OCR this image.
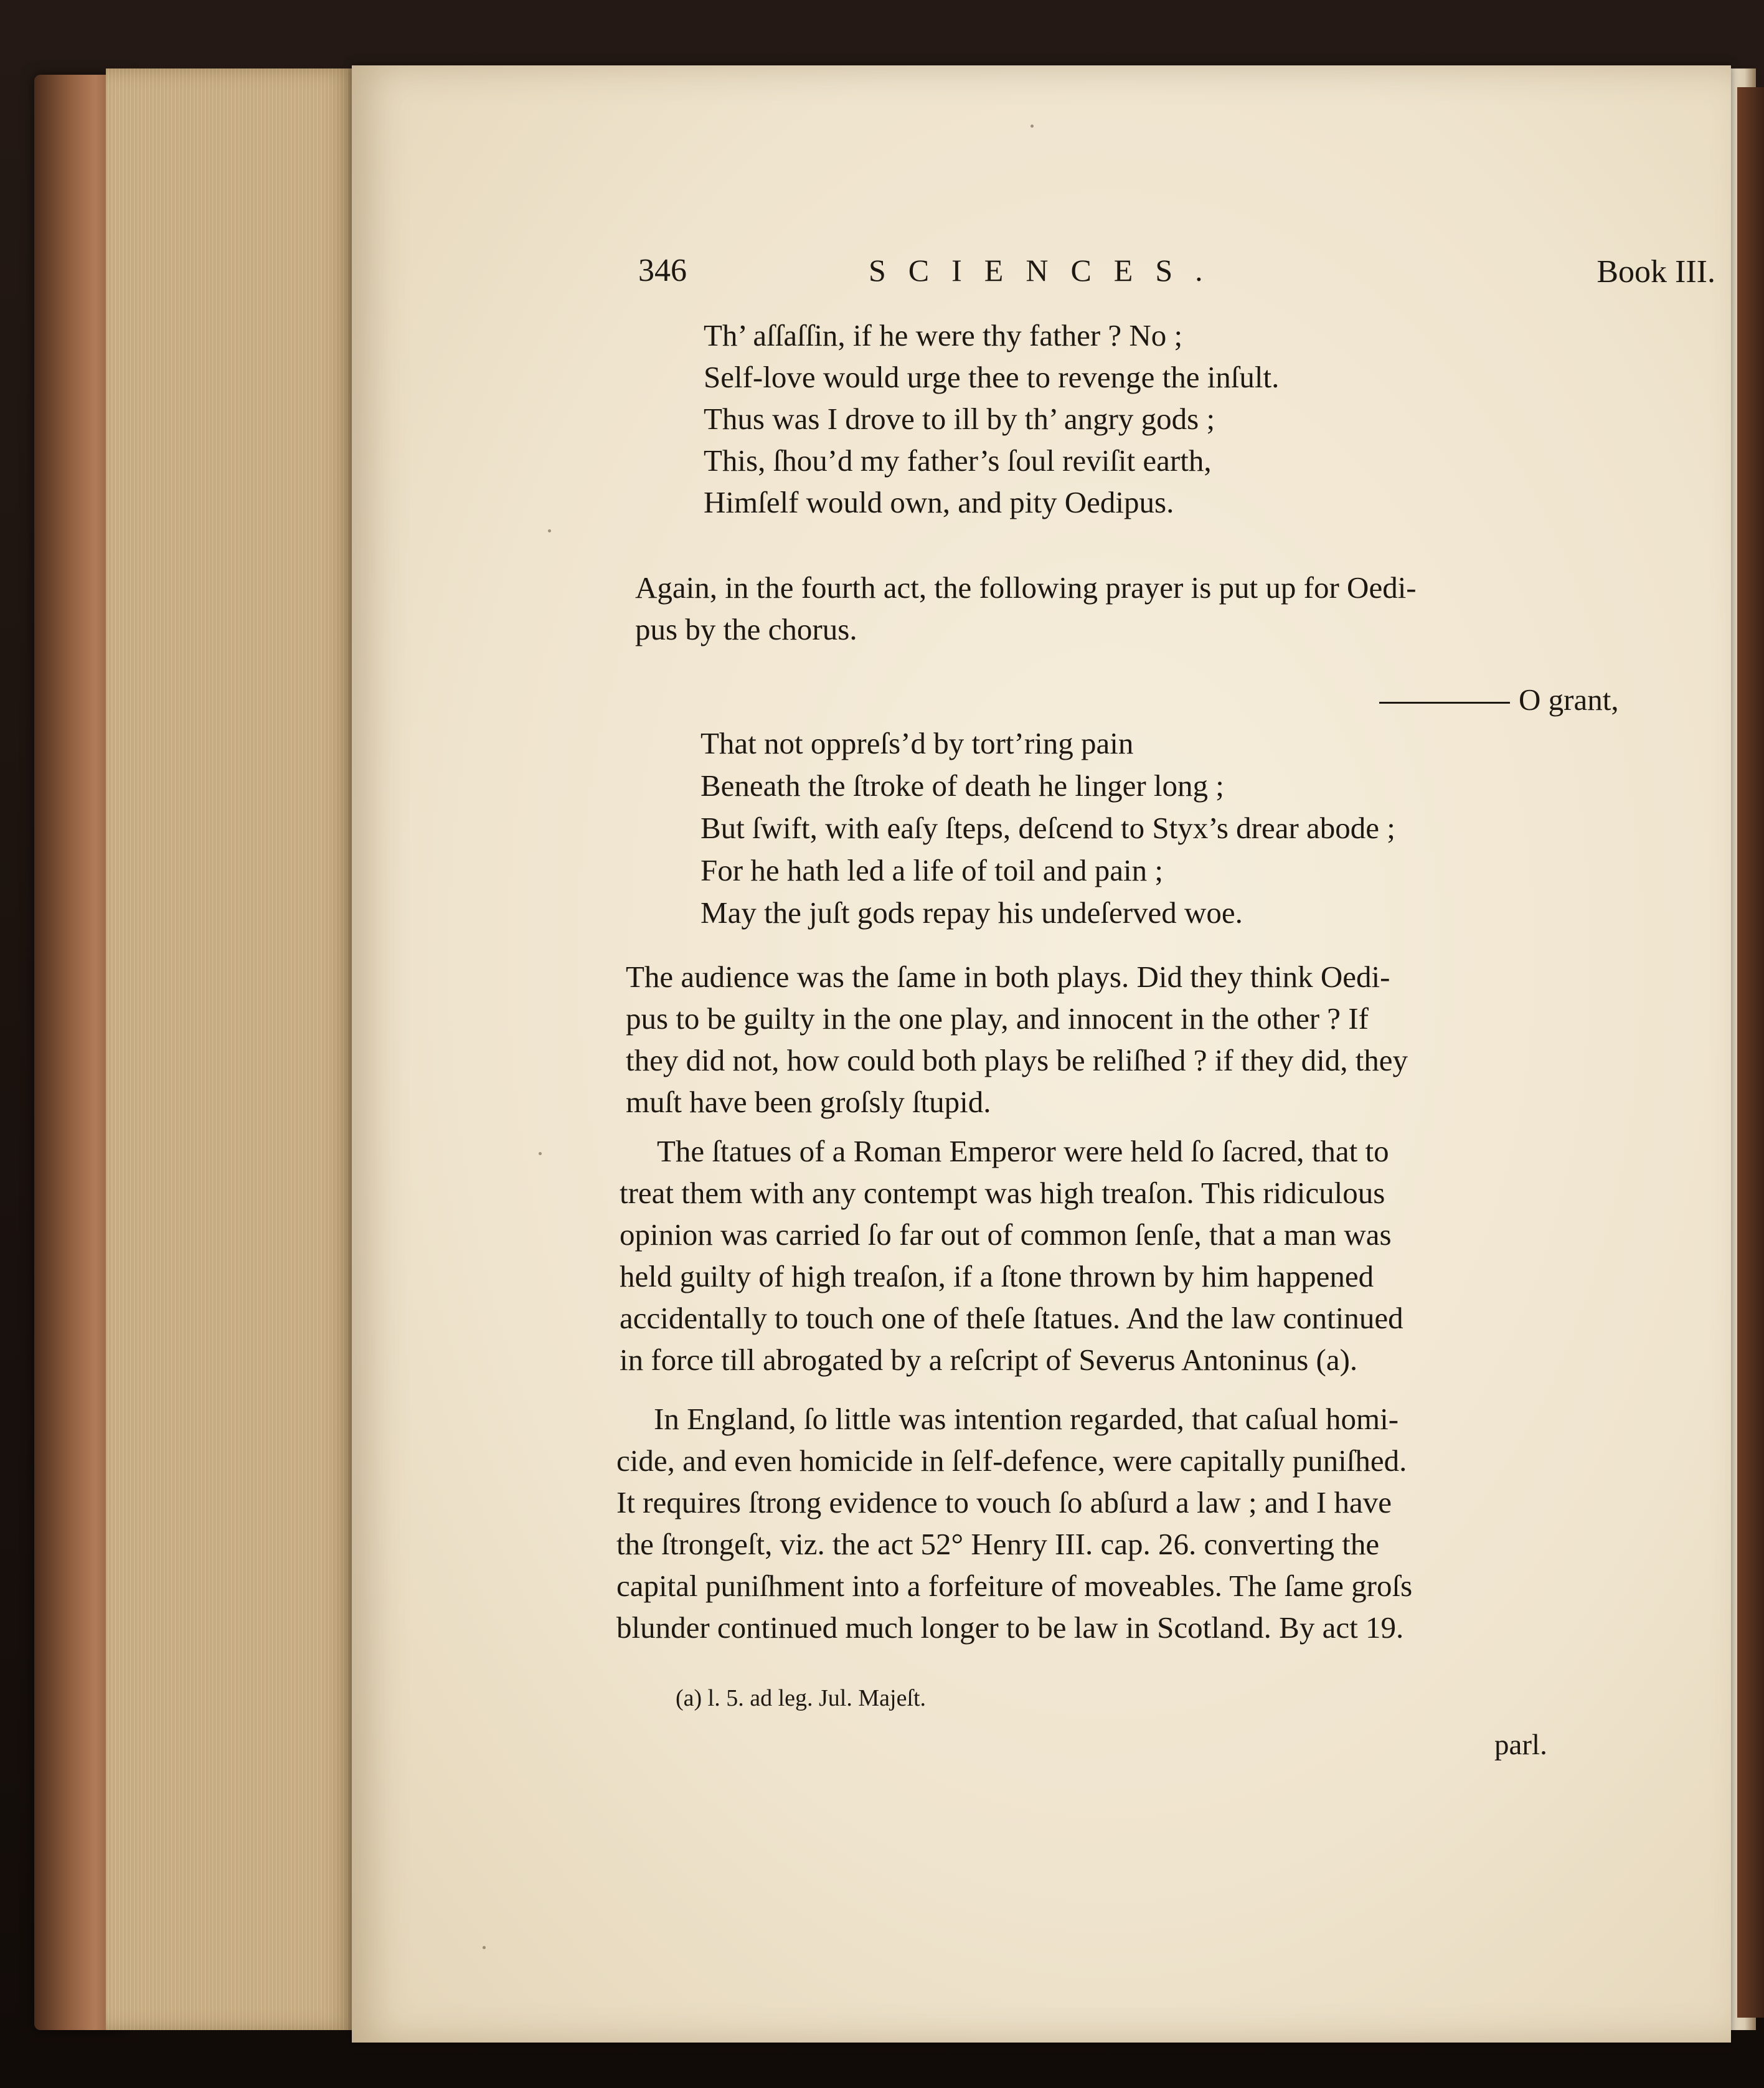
346	SCIENCES.	Book III.
Th’ aſſaſſin, if he were thy father ? No ;
Self-love would urge thee to revenge the inſult.
Thus was I drove to ill by th’ angry gods ;
This, ſhou’d my father’s ſoul reviſit earth,
Himſelf would own, and pity Oedipus.
Again, in the fourth act, the following prayer is put up for Oedi-
pus by the chorus.
O grant,
That not oppreſs’d by tort’ring pain
Beneath the ſtroke of death he linger long ;
But ſwift, with eaſy ſteps, deſcend to Styx’s drear abode ;
For he hath led a life of toil and pain ;
May the juſt gods repay his undeſerved woe.
The audience was the ſame in both plays. Did they think Oedi-
pus to be guilty in the one play, and innocent in the other ? If
they did not, how could both plays be reliſhed ? if they did, they
muſt have been groſsly ſtupid.
The ſtatues of a Roman Emperor were held ſo ſacred, that to
treat them with any contempt was high treaſon. This ridiculous
opinion was carried ſo far out of common ſenſe, that a man was
held guilty of high treaſon, if a ſtone thrown by him happened
accidentally to touch one of theſe ſtatues. And the law continued
in force till abrogated by a reſcript of Severus Antoninus (a).
In England, ſo little was intention regarded, that caſual homi-
cide, and even homicide in ſelf-defence, were capitally puniſhed.
It requires ſtrong evidence to vouch ſo abſurd a law ; and I have
the ſtrongeſt, viz. the act 52° Henry III. cap. 26. converting the
capital puniſhment into a forfeiture of moveables. The ſame groſs
blunder continued much longer to be law in Scotland. By act 19.
(a) l. 5. ad leg. Jul. Majeſt.
parl.
